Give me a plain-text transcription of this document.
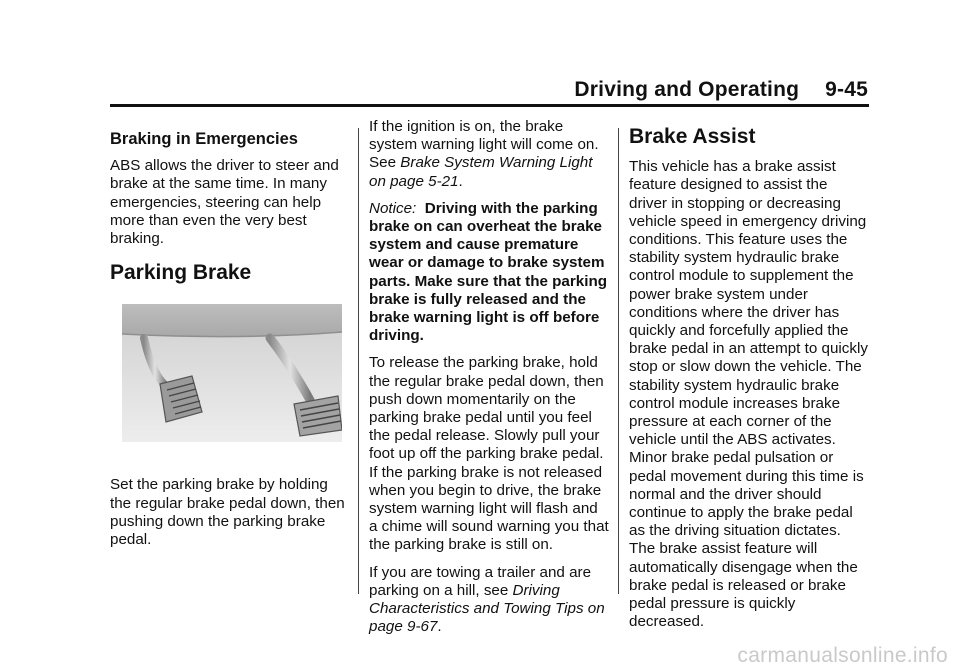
Driving and Operating 9-45
Braking in Emergencies

ABS allows the driver to steer and brake at the same time. In many emergencies, steering can help more than even the very best braking.

Parking Brake

Set the parking brake by holding the regular brake pedal down, then pushing down the parking brake pedal.

If the ignition is on, the brake system warning light will come on. See Brake System Warning Light on page 5-21.

Notice: Driving with the parking brake on can overheat the brake system and cause premature wear or damage to brake system parts. Make sure that the parking brake is fully released and the brake warning light is off before driving.

To release the parking brake, hold the regular brake pedal down, then push down momentarily on the parking brake pedal until you feel the pedal release. Slowly pull your foot up off the parking brake pedal. If the parking brake is not released when you begin to drive, the brake system warning light will flash and a chime will sound warning you that the parking brake is still on.

If you are towing a trailer and are parking on a hill, see Driving Characteristics and Towing Tips on page 9-67.

Brake Assist

This vehicle has a brake assist feature designed to assist the driver in stopping or decreasing vehicle speed in emergency driving conditions. This feature uses the stability system hydraulic brake control module to supplement the power brake system under conditions where the driver has quickly and forcefully applied the brake pedal in an attempt to quickly stop or slow down the vehicle. The stability system hydraulic brake control module increases brake pressure at each corner of the vehicle until the ABS activates. Minor brake pedal pulsation or pedal movement during this time is normal and the driver should continue to apply the brake pedal as the driving situation dictates. The brake assist feature will automatically disengage when the brake pedal is released or brake pedal pressure is quickly decreased.

carmanualsonline.info
